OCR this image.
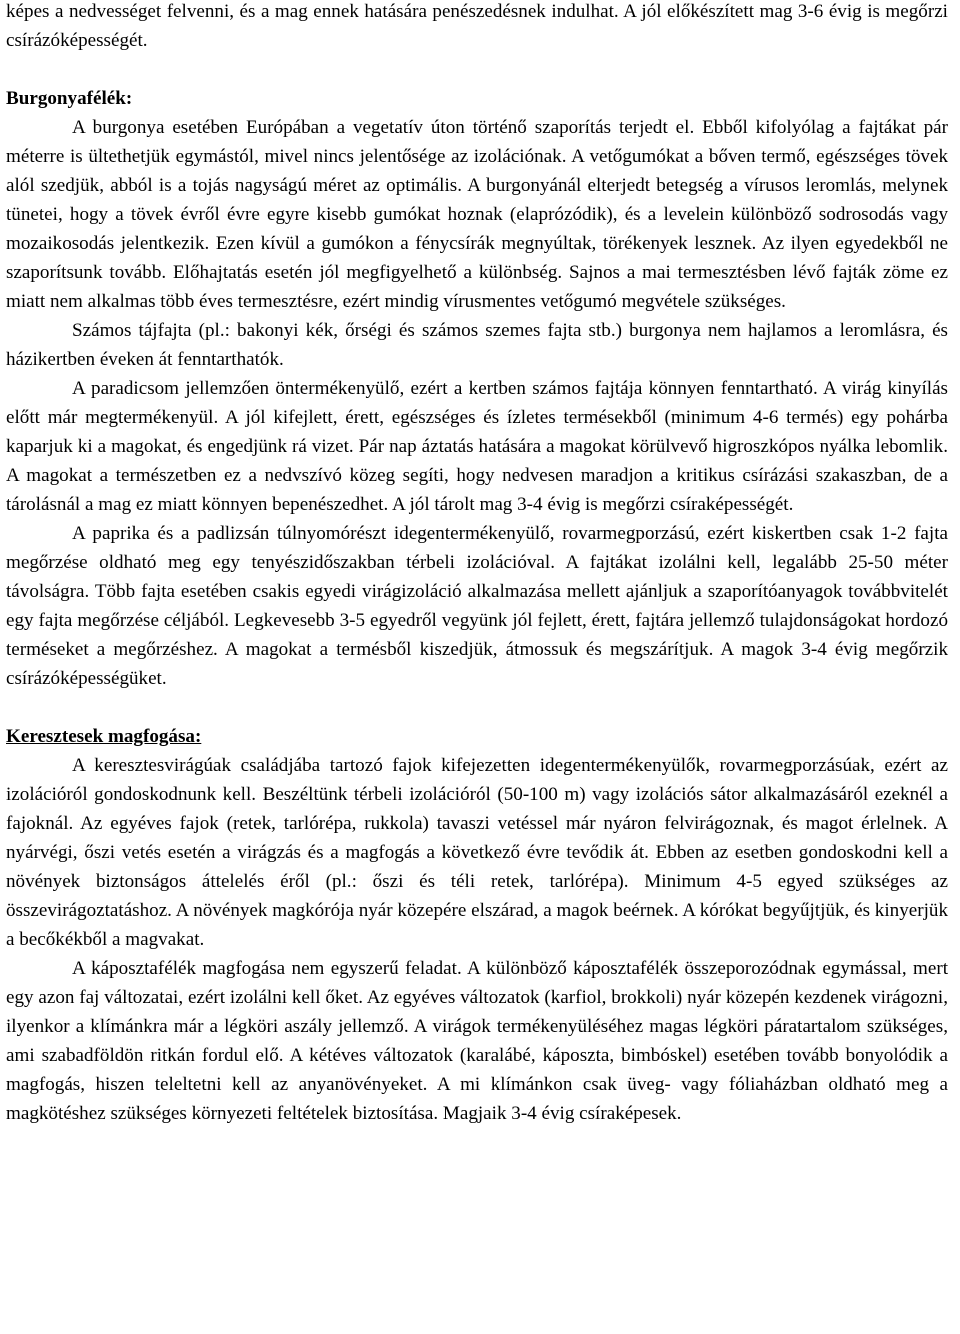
képes a nedvességet felvenni, és a mag ennek hatására penészedésnek indulhat. A jól előkészített mag 3-6 évig is megőrzi csírázóképességét.

Burgonyafélék:

A burgonya esetében Európában a vegetatív úton történő szaporítás terjedt el. Ebből kifolyólag a fajtákat pár méterre is ültethetjük egymástól, mivel nincs jelentősége az izolációnak. A vetőgumókat a bőven termő, egészséges tövek alól szedjük, abból is a tojás nagyságú méret az optimális. A burgonyánál elterjedt betegség a vírusos leromlás, melynek tünetei, hogy a tövek évről évre egyre kisebb gumókat hoznak (elaprózódik), és a levelein különböző sodrosodás vagy mozaikosodás jelentkezik. Ezen kívül a gumókon a fénycsírák megnyúltak, törékenyek lesznek. Az ilyen egyedekből ne szaporítsunk tovább. Előhajtatás esetén jól megfigyelhető a különbség. Sajnos a mai termesztésben lévő fajták zöme ez miatt nem alkalmas több éves termesztésre, ezért mindig vírusmentes vetőgumó megvétele szükséges.

Számos tájfajta (pl.: bakonyi kék, őrségi és számos szemes fajta stb.) burgonya nem hajlamos a leromlásra, és házikertben éveken át fenntarthatók.

A paradicsom jellemzően öntermékenyülő, ezért a kertben számos fajtája könnyen fenntartható. A virág kinyílás előtt már megtermékenyül. A jól kifejlett, érett, egészséges és ízletes termésekből (minimum 4-6 termés) egy pohárba kaparjuk ki a magokat, és engedjünk rá vizet. Pár nap áztatás hatására a magokat körülvevő higroszkópos nyálka lebomlik. A magokat a természetben ez a nedvszívó közeg segíti, hogy nedvesen maradjon a kritikus csírázási szakaszban, de a tárolásnál a mag ez miatt könnyen bepenészedhet. A jól tárolt mag 3-4 évig is megőrzi csíraképességét.

A paprika és a padlizsán túlnyomórészt idegentermékenyülő, rovarmegporzású, ezért kiskertben csak 1-2 fajta megőrzése oldható meg egy tenyészidőszakban térbeli izolációval. A fajtákat izolálni kell, legalább 25-50 méter távolságra. Több fajta esetében csakis egyedi virágizoláció alkalmazása mellett ajánljuk a szaporítóanyagok továbbvitelét egy fajta megőrzése céljából. Legkevesebb 3-5 egyedről vegyünk jól fejlett, érett, fajtára jellemző tulajdonságokat hordozó terméseket a megőrzéshez. A magokat a termésből kiszedjük, átmossuk és megszárítjuk. A magok 3-4 évig megőrzik csírázóképességüket.

Keresztesek magfogása:

A keresztesvirágúak családjába tartozó fajok kifejezetten idegentermékenyülők, rovarmegporzásúak, ezért az izolációról gondoskodnunk kell. Beszéltünk térbeli izolációról (50-100 m) vagy izolációs sátor alkalmazásáról ezeknél a fajoknál. Az egyéves fajok (retek, tarlórépa, rukkola) tavaszi vetéssel már nyáron felvirágoznak, és magot érlelnek. A nyárvégi, őszi vetés esetén a virágzás és a magfogás a következő évre tevődik át. Ebben az esetben gondoskodni kell a növények biztonságos áttelelés éről (pl.: őszi és téli retek, tarlórépa). Minimum 4-5 egyed szükséges az összevirágoztatáshoz. A növények magkórója nyár közepére elszárad, a magok beérnek. A kórókat begyűjtjük, és kinyerjük a becőkékből a magvakat.

A káposztafélék magfogása nem egyszerű feladat. A különböző káposztafélék összeporozódnak egymással, mert egy azon faj változatai, ezért izolálni kell őket. Az egyéves változatok (karfiol, brokkoli) nyár közepén kezdenek virágozni, ilyenkor a klímánkra már a légköri aszály jellemző. A virágok termékenyüléséhez magas légköri páratartalom szükséges, ami szabadföldön ritkán fordul elő. A kétéves változatok (karalábé, káposzta, bimbóskel) esetében tovább bonyolódik a magfogás, hiszen teleltetni kell az anyanövényeket. A mi klímánkon csak üveg- vagy fóliaházban oldható meg a magkötéshez szükséges környezeti feltételek biztosítása. Magjaik 3-4 évig csíraképesek.
